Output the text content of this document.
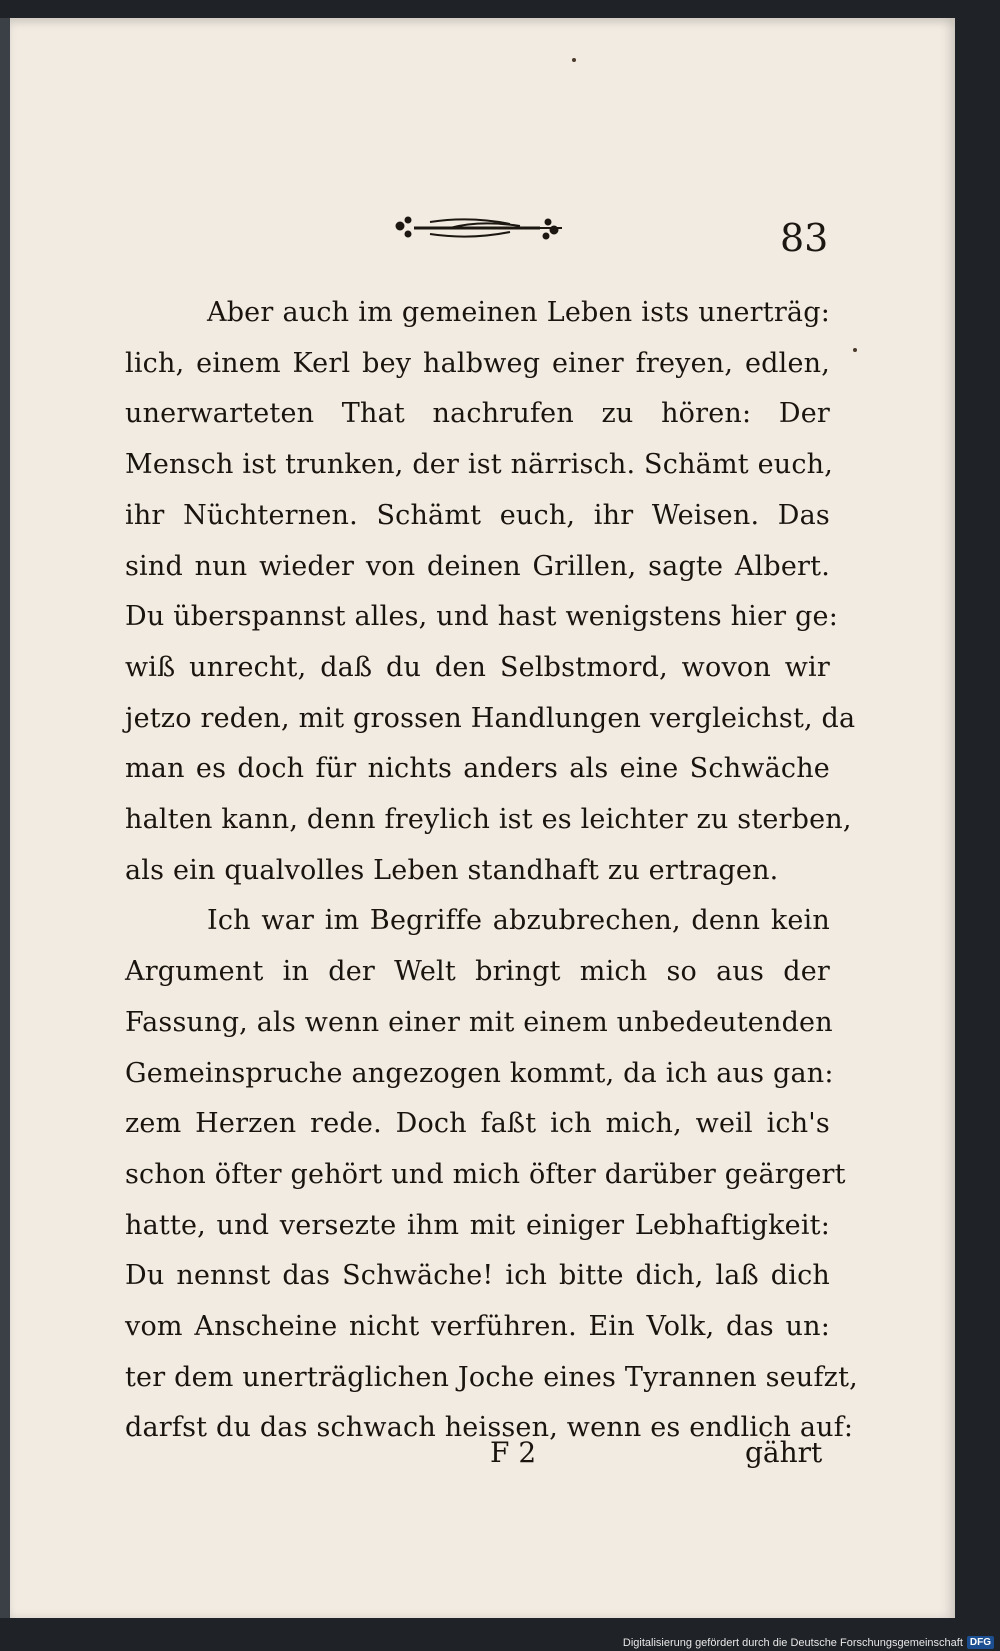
83
Aber auch im gemeinen Leben ists unerträg:
lich, einem Kerl bey halbweg einer freyen, edlen,
unerwarteten That nachrufen zu hören: Der
Mensch ist trunken, der ist närrisch. Schämt euch,
ihr Nüchternen. Schämt euch, ihr Weisen. Das
sind nun wieder von deinen Grillen, sagte Albert.
Du überspannst alles, und hast wenigstens hier ge:
wiß unrecht, daß du den Selbstmord, wovon wir
jetzo reden, mit grossen Handlungen vergleichst, da
man es doch für nichts anders als eine Schwäche
halten kann, denn freylich ist es leichter zu sterben,
als ein qualvolles Leben standhaft zu ertragen.
Ich war im Begriffe abzubrechen, denn kein
Argument in der Welt bringt mich so aus der
Fassung, als wenn einer mit einem unbedeutenden
Gemeinspruche angezogen kommt, da ich aus gan:
zem Herzen rede. Doch faßt ich mich, weil ich's
schon öfter gehört und mich öfter darüber geärgert
hatte, und versezte ihm mit einiger Lebhaftigkeit:
Du nennst das Schwäche! ich bitte dich, laß dich
vom Anscheine nicht verführen. Ein Volk, das un:
ter dem unerträglichen Joche eines Tyrannen seufzt,
darfst du das schwach heissen, wenn es endlich auf:
F 2	gährt
Digitalisierung gefördert durch die Deutsche Forschungsgemeinschaft DFG
